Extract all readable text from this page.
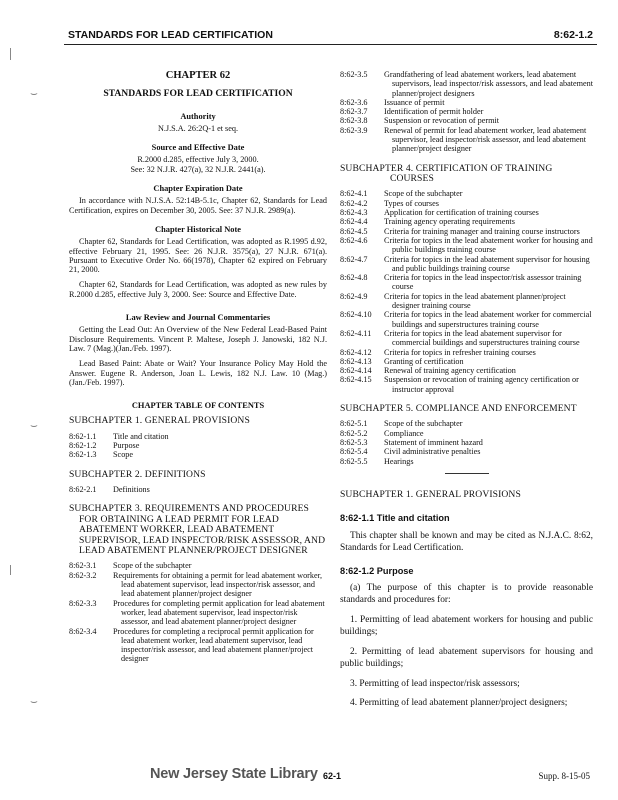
STANDARDS FOR LEAD CERTIFICATION	8:62-1.2
⌣
⌣
⌣
CHAPTER 62
STANDARDS FOR LEAD CERTIFICATION
Authority
N.J.S.A. 26:2Q-1 et seq.
Source and Effective Date
R.2000 d.285, effective July 3, 2000.
See: 32 N.J.R. 427(a), 32 N.J.R. 2441(a).
Chapter Expiration Date

In accordance with N.J.S.A. 52:14B-5.1c, Chapter 62, Standards for Lead Certification, expires on December 30, 2005. See: 37 N.J.R. 2989(a).

Chapter Historical Note

Chapter 62, Standards for Lead Certification, was adopted as R.1995 d.92, effective February 21, 1995. See: 26 N.J.R. 3575(a), 27 N.J.R. 671(a). Pursuant to Executive Order No. 66(1978), Chapter 62 expired on February 21, 2000.

Chapter 62, Standards for Lead Certification, was adopted as new rules by R.2000 d.285, effective July 3, 2000. See: Source and Effective Date.

Law Review and Journal Commentaries

Getting the Lead Out: An Overview of the New Federal Lead-Based Paint Disclosure Requirements. Vincent P. Maltese, Joseph J. Janowski, 182 N.J. Law. 7 (Mag.)(Jan./Feb. 1997).

Lead Based Paint: Abate or Wait? Your Insurance Policy May Hold the Answer. Eugene R. Anderson, Joan L. Lewis, 182 N.J. Law. 10 (Mag.)(Jan./Feb. 1997).

CHAPTER TABLE OF CONTENTS
SUBCHAPTER 1. GENERAL PROVISIONS
8:62-1.1	Title and citation
8:62-1.2	Purpose
8:62-1.3	Scope
SUBCHAPTER 2. DEFINITIONS
8:62-2.1	Definitions
SUBCHAPTER 3. REQUIREMENTS AND PROCEDURES FOR OBTAINING A LEAD PERMIT FOR LEAD ABATEMENT WORKER, LEAD ABATEMENT SUPERVISOR, LEAD INSPECTOR/RISK ASSESSOR, AND LEAD ABATEMENT PLANNER/PROJECT DESIGNER
8:62-3.1	Scope of the subchapter
8:62-3.2	Requirements for obtaining a permit for lead abatement worker, lead abatement supervisor, lead inspector/risk assessor, and lead abatement planner/project designer
8:62-3.3	Procedures for completing permit application for lead abatement worker, lead abatement supervisor, lead inspector/risk assessor, and lead abatement planner/project designer
8:62-3.4	Procedures for completing a reciprocal permit application for lead abatement worker, lead abatement supervisor, lead inspector/risk assessor, and lead abatement planner/project designer
8:62-3.5	Grandfathering of lead abatement workers, lead abatement supervisors, lead inspector/risk assessors, and lead abatement planner/project designers
8:62-3.6	Issuance of permit
8:62-3.7	Identification of permit holder
8:62-3.8	Suspension or revocation of permit
8:62-3.9	Renewal of permit for lead abatement worker, lead abatement supervisor, lead inspector/risk assessor, and lead abatement planner/project designer
SUBCHAPTER 4. CERTIFICATION OF TRAINING COURSES
8:62-4.1	Scope of the subchapter
8:62-4.2	Types of courses
8:62-4.3	Application for certification of training courses
8:62-4.4	Training agency operating requirements
8:62-4.5	Criteria for training manager and training course instructors
8:62-4.6	Criteria for topics in the lead abatement worker for housing and public buildings training course
8:62-4.7	Criteria for topics in the lead abatement supervisor for housing and public buildings training course
8:62-4.8	Criteria for topics in the lead inspector/risk assessor training course
8:62-4.9	Criteria for topics in the lead abatement planner/project designer training course
8:62-4.10	Criteria for topics in the lead abatement worker for commercial buildings and superstructures training course
8:62-4.11	Criteria for topics in the lead abatement supervisor for commercial buildings and superstructures training course
8:62-4.12	Criteria for topics in refresher training courses
8:62-4.13	Granting of certification
8:62-4.14	Renewal of training agency certification
8:62-4.15	Suspension or revocation of training agency certification or instructor approval
SUBCHAPTER 5. COMPLIANCE AND ENFORCEMENT
8:62-5.1	Scope of the subchapter
8:62-5.2	Compliance
8:62-5.3	Statement of imminent hazard
8:62-5.4	Civil administrative penalties
8:62-5.5	Hearings
SUBCHAPTER 1. GENERAL PROVISIONS
8:62-1.1 Title and citation

This chapter shall be known and may be cited as N.J.A.C. 8:62, Standards for Lead Certification.

8:62-1.2 Purpose

(a) The purpose of this chapter is to provide reasonable standards and procedures for:

1. Permitting of lead abatement workers for housing and public buildings;

2. Permitting of lead abatement supervisors for housing and public buildings;

3. Permitting of lead inspector/risk assessors;

4. Permitting of lead abatement planner/project designers;

New Jersey State Library 62-1	Supp. 8-15-05
